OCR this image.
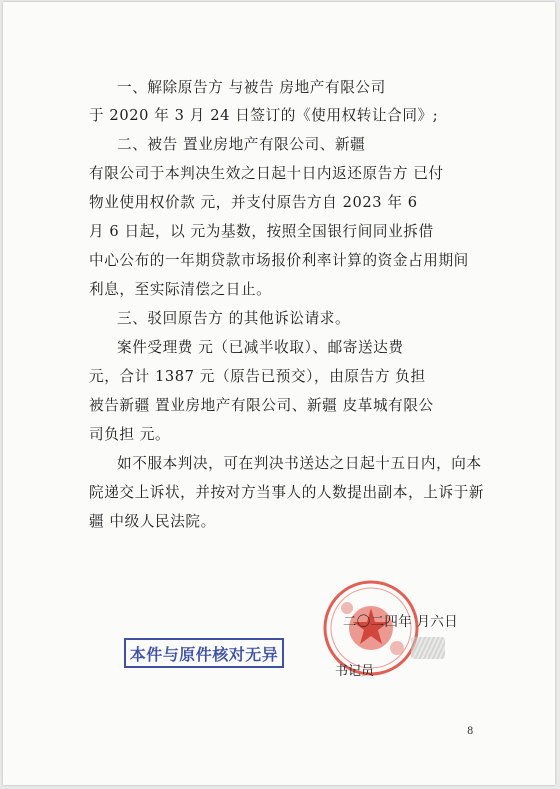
一、解除原告方 与被告 房地产有限公司
于 2020 年 3 月 24 日签订的《使用权转让合同》;
二、被告 置业房地产有限公司、新疆
有限公司于本判决生效之日起十日内返还原告方 已付
物业使用权价款 元，并支付原告方自 2023 年 6
月 6 日起，以 元为基数，按照全国银行间同业拆借
中心公布的一年期贷款市场报价利率计算的资金占用期间
利息，至实际清偿之日止。
三、驳回原告方 的其他诉讼请求。
案件受理费 元（已减半收取）、邮寄送达费
元，合计 1387 元（原告已预交），由原告方 负担
被告新疆 置业房地产有限公司、新疆 皮革城有限公
司负担 元。
如不服本判决，可在判决书送达之日起十五日内，向本
院递交上诉状，并按对方当事人的人数提出副本，上诉于新
疆 中级人民法院。
二〇二四年 月六日
书记员
本件与原件核对无异
8
